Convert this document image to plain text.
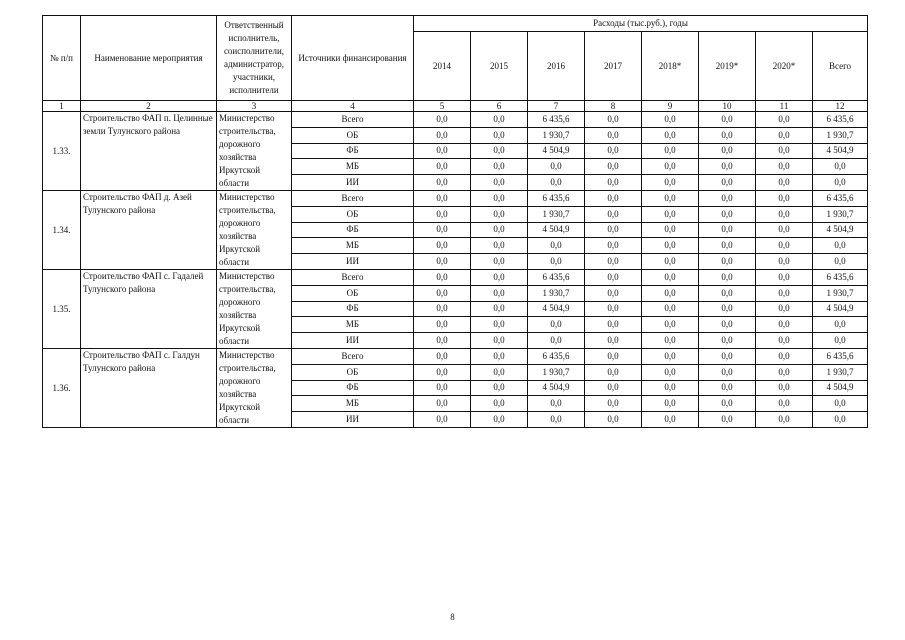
№ п/п	Наименование мероприятия	Ответственный исполнитель, соисполнители, администратор, участники, исполнители	Источники финансирования	Расходы (тыс.руб.), годы							
				2014	2015	2016	2017	2018*	2019*	2020*	Всего
1	2	3	4	5	6	7	8	9	10	11	12
1.33.	Строительство ФАП п. Целинные земли Тулунского района	Министерство строительства, дорожного хозяйства Иркутской области	Всего	0,0	0,0	6 435,6	0,0	0,0	0,0	0,0	6 435,6
			ОБ	0,0	0,0	1 930,7	0,0	0,0	0,0	0,0	1 930,7
			ФБ	0,0	0,0	4 504,9	0,0	0,0	0,0	0,0	4 504,9
			МБ	0,0	0,0	0,0	0,0	0,0	0,0	0,0	0,0
			ИИ	0,0	0,0	0,0	0,0	0,0	0,0	0,0	0,0
1.34.	Строительство ФАП д. Азей Тулунского района	Министерство строительства, дорожного хозяйства Иркутской области	Всего	0,0	0,0	6 435,6	0,0	0,0	0,0	0,0	6 435,6
			ОБ	0,0	0,0	1 930,7	0,0	0,0	0,0	0,0	1 930,7
			ФБ	0,0	0,0	4 504,9	0,0	0,0	0,0	0,0	4 504,9
			МБ	0,0	0,0	0,0	0,0	0,0	0,0	0,0	0,0
			ИИ	0,0	0,0	0,0	0,0	0,0	0,0	0,0	0,0
1.35.	Строительство ФАП с. Гадалей Тулунского района	Министерство строительства, дорожного хозяйства Иркутской области	Всего	0,0	0,0	6 435,6	0,0	0,0	0,0	0,0	6 435,6
			ОБ	0,0	0,0	1 930,7	0,0	0,0	0,0	0,0	1 930,7
			ФБ	0,0	0,0	4 504,9	0,0	0,0	0,0	0,0	4 504,9
			МБ	0,0	0,0	0,0	0,0	0,0	0,0	0,0	0,0
			ИИ	0,0	0,0	0,0	0,0	0,0	0,0	0,0	0,0
1.36.	Строительство ФАП с. Галдун Тулунского района	Министерство строительства, дорожного хозяйства Иркутской области	Всего	0,0	0,0	6 435,6	0,0	0,0	0,0	0,0	6 435,6
			ОБ	0,0	0,0	1 930,7	0,0	0,0	0,0	0,0	1 930,7
			ФБ	0,0	0,0	4 504,9	0,0	0,0	0,0	0,0	4 504,9
			МБ	0,0	0,0	0,0	0,0	0,0	0,0	0,0	0,0
			ИИ	0,0	0,0	0,0	0,0	0,0	0,0	0,0	0,0
8
